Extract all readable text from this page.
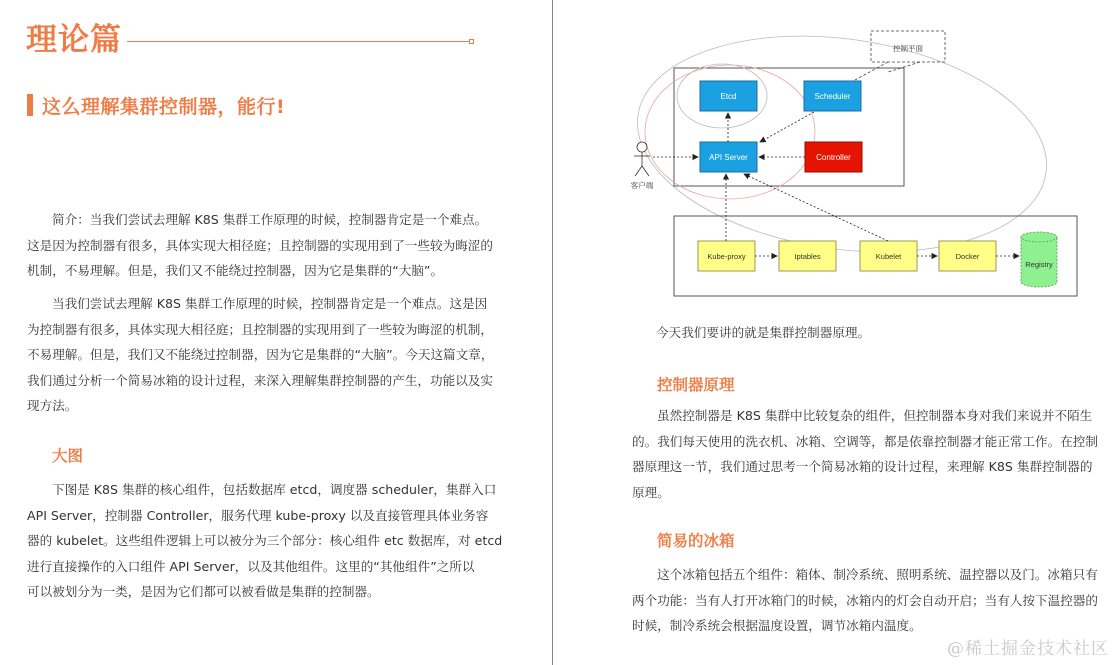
理论篇
这么理解集群控制器，能行!

简介：当我们尝试去理解 K8S 集群工作原理的时候，控制器肯定是一个难点。
这是因为控制器有很多，具体实现大相径庭；且控制器的实现用到了一些较为晦涩的
机制，不易理解。但是，我们又不能绕过控制器，因为它是集群的“大脑”。

当我们尝试去理解 K8S 集群工作原理的时候，控制器肯定是一个难点。这是因
为控制器有很多，具体实现大相径庭；且控制器的实现用到了一些较为晦涩的机制，
不易理解。但是，我们又不能绕过控制器，因为它是集群的“大脑”。今天这篇文章，
我们通过分析一个简易冰箱的设计过程，来深入理解集群控制器的产生，功能以及实
现方法。

大图

下图是 K8S 集群的核心组件，包括数据库 etcd，调度器 scheduler，集群入口
API Server，控制器 Controller，服务代理 kube-proxy 以及直接管理具体业务容
器的 kubelet。这些组件逻辑上可以被分为三个部分：核心组件 etc 数据库，对 etcd
进行直接操作的入口组件 API Server，以及其他组件。这里的“其他组件”之所以
可以被划分为一类，是因为它们都可以被看做是集群的控制器。

控制平面
Etcd	Scheduler
API Server	Controller
客户端
Kube-proxy	Iptables	Kubelet	Docker
Registry
今天我们要讲的就是集群控制器原理。
控制器原理

虽然控制器是 K8S 集群中比较复杂的组件，但控制器本身对我们来说并不陌生
的。我们每天使用的洗衣机、冰箱、空调等，都是依靠控制器才能正常工作。在控制
器原理这一节，我们通过思考一个简易冰箱的设计过程，来理解 K8S 集群控制器的
原理。

简易的冰箱

这个冰箱包括五个组件：箱体、制冷系统、照明系统、温控器以及门。冰箱只有
两个功能：当有人打开冰箱门的时候，冰箱内的灯会自动开启；当有人按下温控器的
时候，制冷系统会根据温度设置，调节冰箱内温度。

@稀土掘金技术社区
